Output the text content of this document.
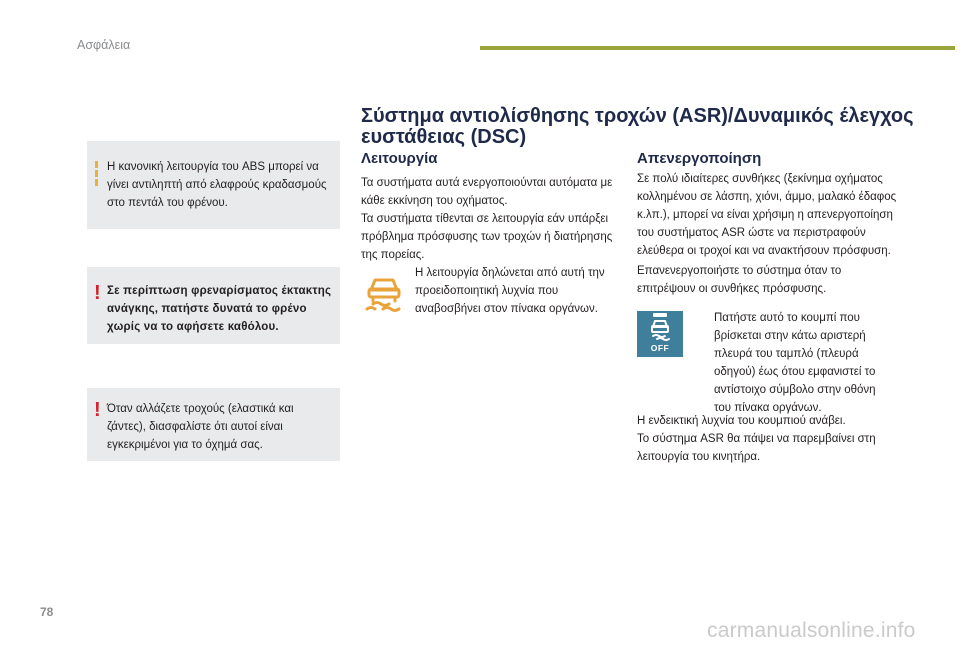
Ασφάλεια
Η κανονική λειτουργία του ABS μπορεί να γίνει αντιληπτή από ελαφρούς κραδασμούς στο πεντάλ του φρένου.
! Σε περίπτωση φρεναρίσματος έκτακτης ανάγκης, πατήστε δυνατά το φρένο χωρίς να το αφήσετε καθόλου.
! Όταν αλλάζετε τροχούς (ελαστικά και ζάντες), διασφαλίστε ότι αυτοί είναι εγκεκριμένοι για το όχημά σας.
Σύστημα αντιολίσθησης τροχών (ASR)/Δυναμικός έλεγχος ευστάθειας (DSC)
Λειτουργία
Τα συστήματα αυτά ενεργοποιούνται αυτόματα με κάθε εκκίνηση του οχήματος.
Τα συστήματα τίθενται σε λειτουργία εάν υπάρξει πρόβλημα πρόσφυσης των τροχών ή διατήρησης της πορείας.
Η λειτουργία δηλώνεται από αυτή την προειδοποιητική λυχνία που αναβοσβήνει στον πίνακα οργάνων.
Απενεργοποίηση
Σε πολύ ιδιαίτερες συνθήκες (ξεκίνημα οχήματος κολλημένου σε λάσπη, χιόνι, άμμο, μαλακό έδαφος κ.λπ.), μπορεί να είναι χρήσιμη η απενεργοποίηση του συστήματος ASR ώστε να περιστραφούν ελεύθερα οι τροχοί και να ανακτήσουν πρόσφυση.
Επανενεργοποιήστε το σύστημα όταν το επιτρέψουν οι συνθήκες πρόσφυσης.
OFF
Πατήστε αυτό το κουμπί που βρίσκεται στην κάτω αριστερή πλευρά του ταμπλό (πλευρά οδηγού) έως ότου εμφανιστεί το αντίστοιχο σύμβολο στην οθόνη του πίνακα οργάνων.
Η ενδεικτική λυχνία του κουμπιού ανάβει.
Το σύστημα ASR θα πάψει να παρεμβαίνει στη λειτουργία του κινητήρα.
78
carmanualsonline.info
